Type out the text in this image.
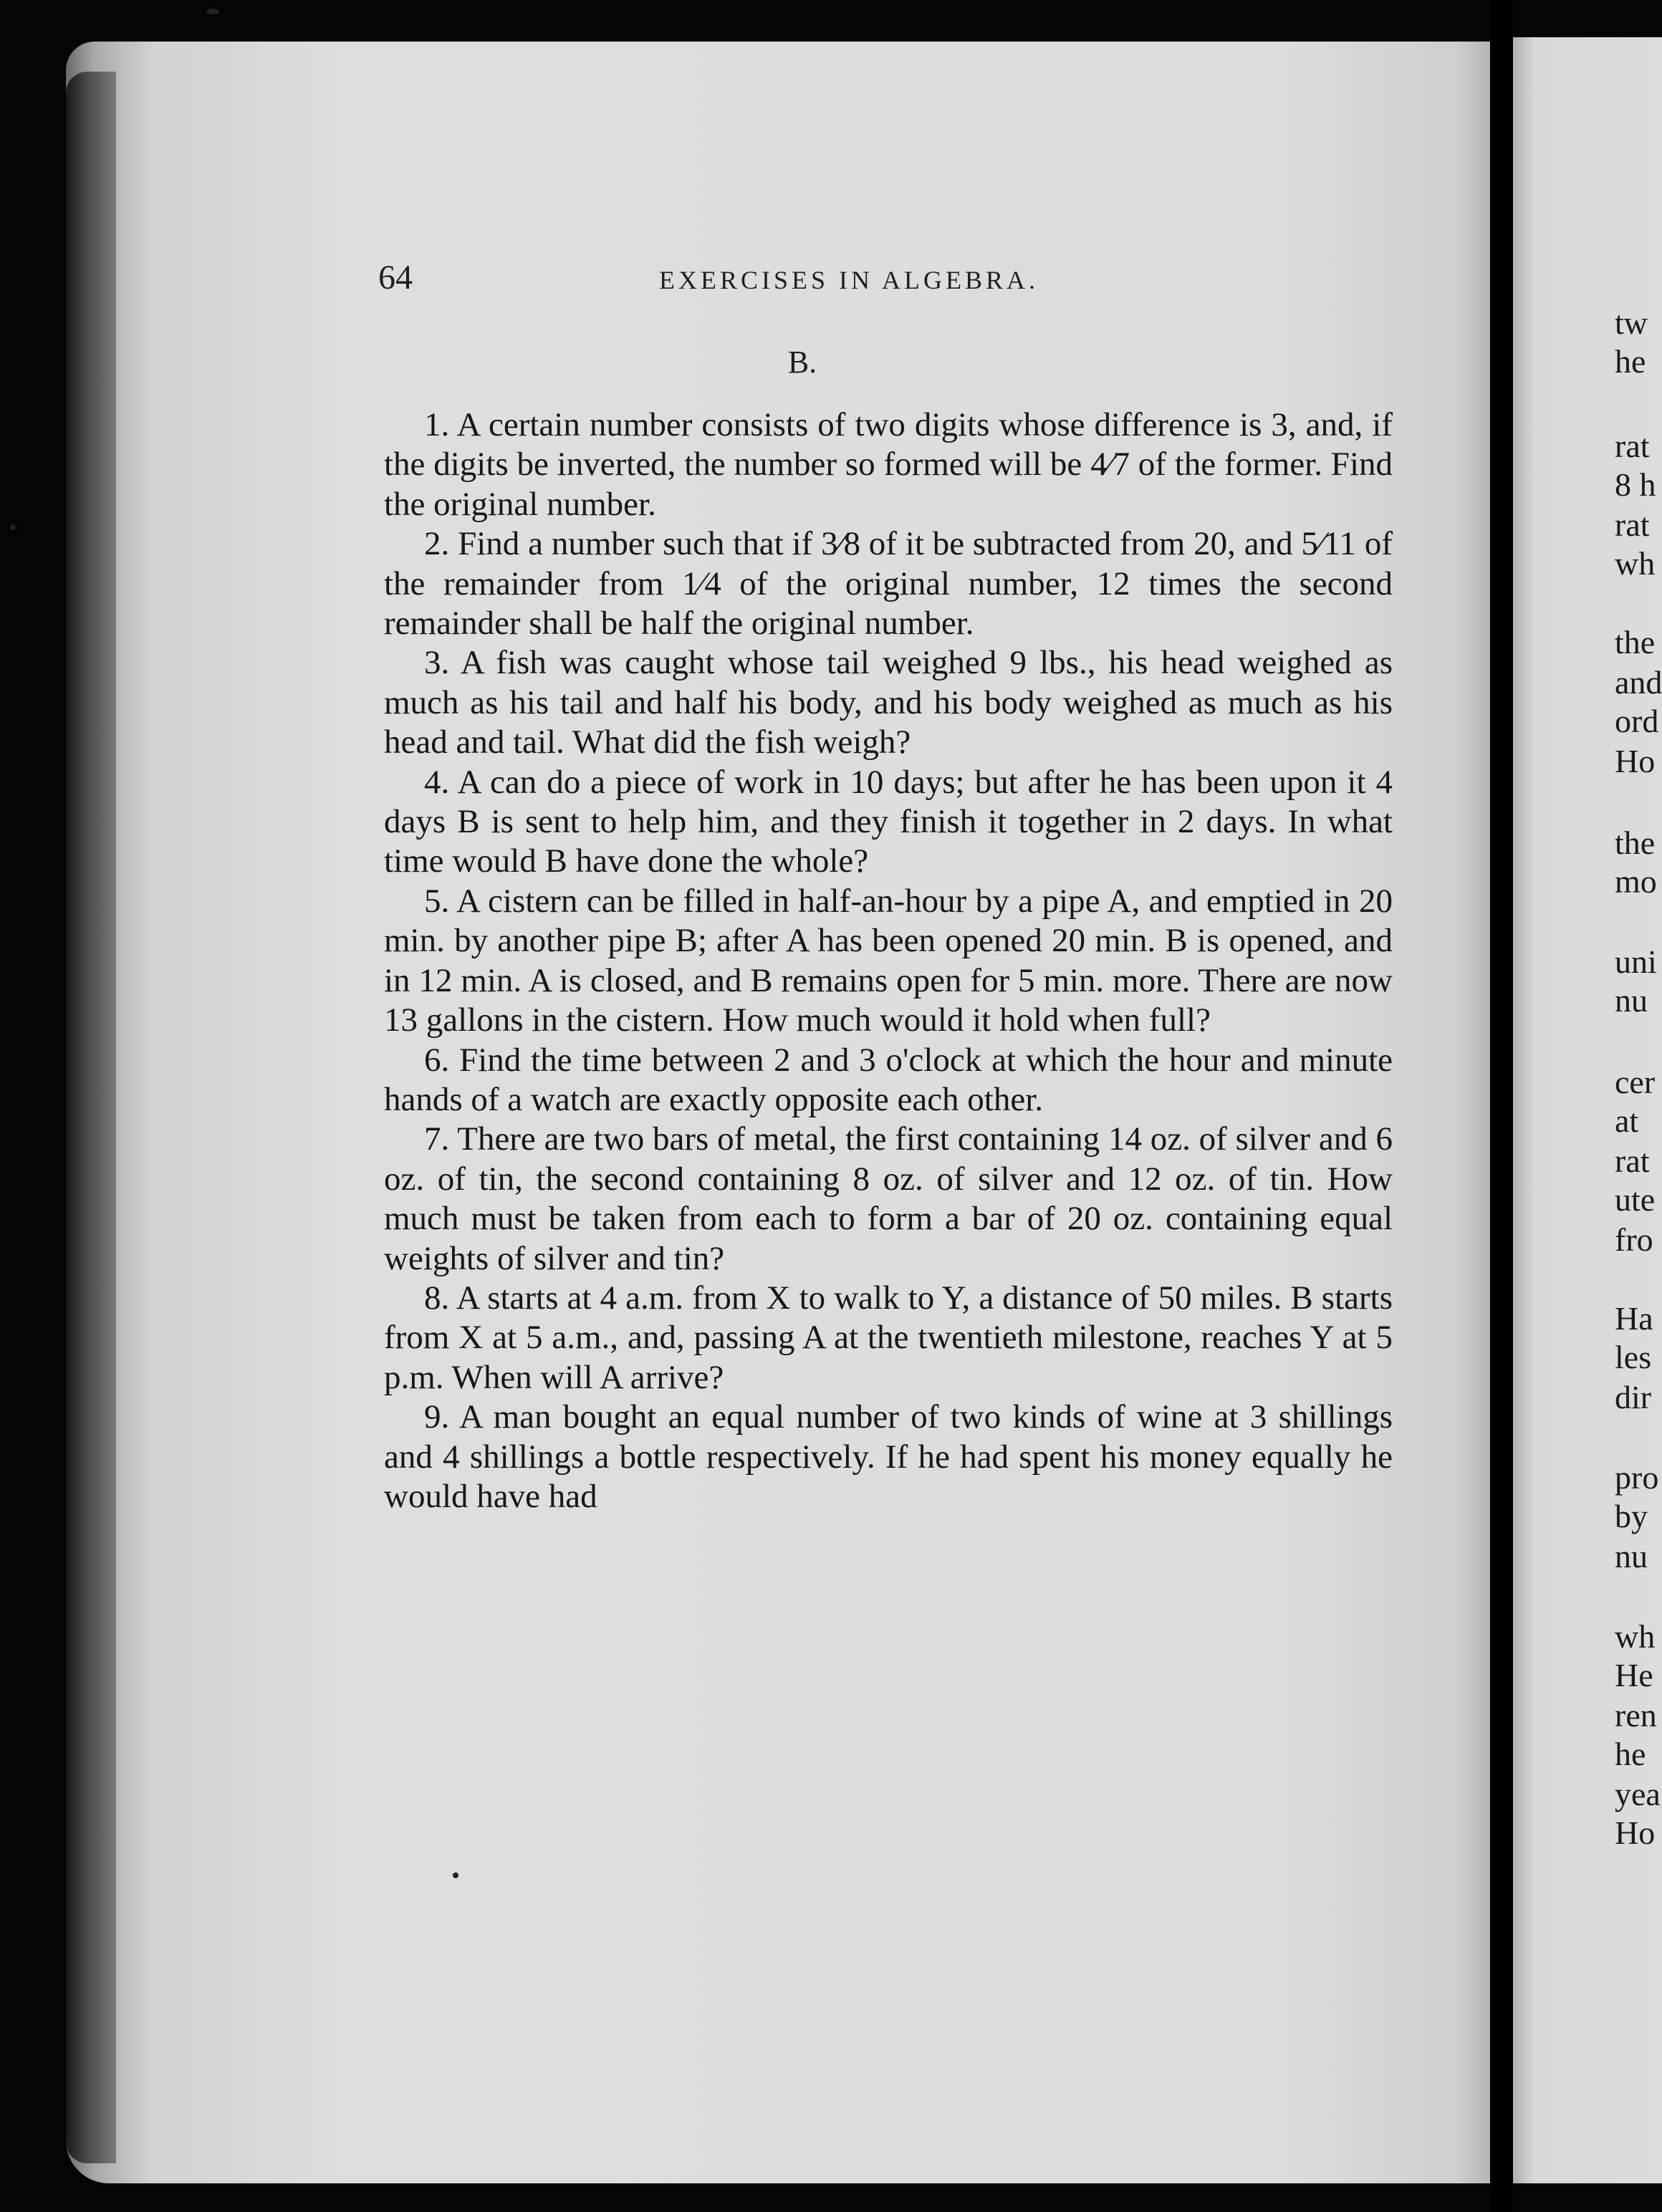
64	EXERCISES IN ALGEBRA.
B.

1. A certain number consists of two digits whose difference is 3, and, if the digits be inverted, the number so formed will be 4⁄7 of the former. Find the original number.

2. Find a number such that if 3⁄8 of it be subtracted from 20, and 5⁄11 of the remainder from 1⁄4 of the original number, 12 times the second remainder shall be half the original number.

3. A fish was caught whose tail weighed 9 lbs., his head weighed as much as his tail and half his body, and his body weighed as much as his head and tail. What did the fish weigh?

4. A can do a piece of work in 10 days; but after he has been upon it 4 days B is sent to help him, and they finish it together in 2 days. In what time would B have done the whole?

5. A cistern can be filled in half-an-hour by a pipe A, and emptied in 20 min. by another pipe B; after A has been opened 20 min. B is opened, and in 12 min. A is closed, and B remains open for 5 min. more. There are now 13 gallons in the cistern. How much would it hold when full?

6. Find the time between 2 and 3 o'clock at which the hour and minute hands of a watch are exactly opposite each other.

7. There are two bars of metal, the first containing 14 oz. of silver and 6 oz. of tin, the second containing 8 oz. of silver and 12 oz. of tin. How much must be taken from each to form a bar of 20 oz. containing equal weights of silver and tin?

8. A starts at 4 a.m. from X to walk to Y, a distance of 50 miles. B starts from X at 5 a.m., and, passing A at the twentieth milestone, reaches Y at 5 p.m. When will A arrive?

9. A man bought an equal number of two kinds of wine at 3 shillings and 4 shillings a bottle respectively. If he had spent his money equally he would have had

tw
he
rat
8 h
rat
wh
the
and
ord
Ho
the
mo
uni
nu
cer
at
rat
ute
fro
Ha
les
dir
pro
by
nu
wh
He
ren
he
yea
Ho
